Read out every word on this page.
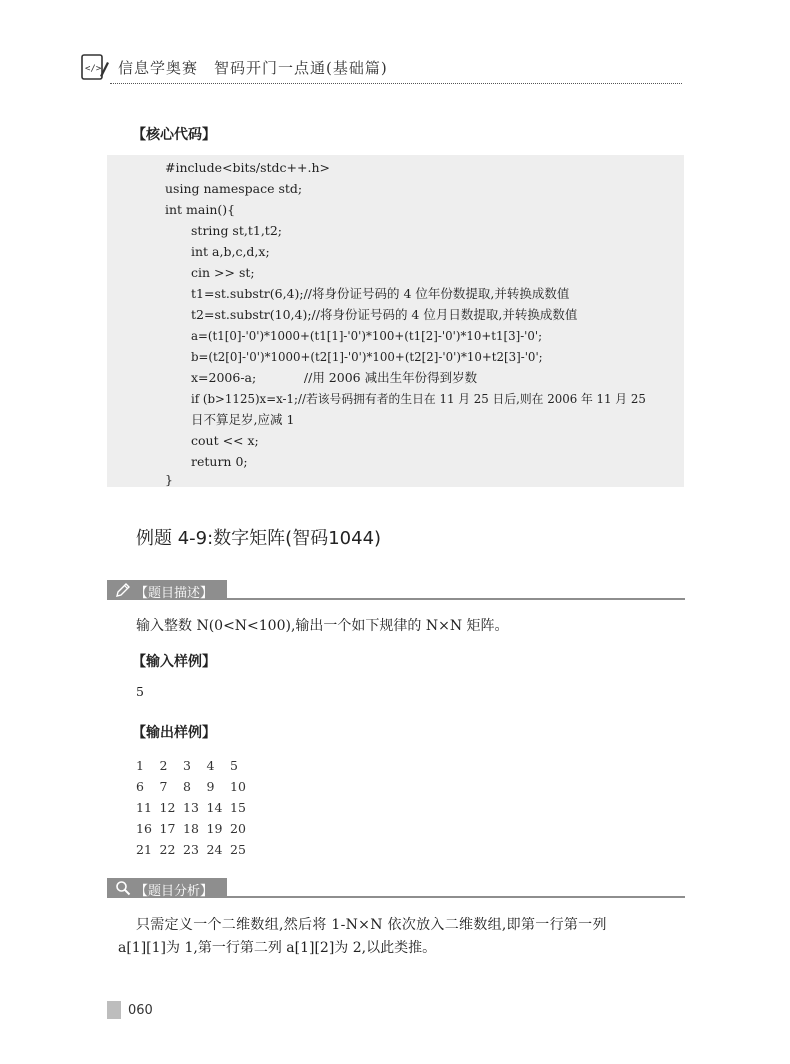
</> 信息学奥赛　智码开门一点通(基础篇)
【核心代码】
#include<bits/stdc++.h>
using namespace std;
int main(){
string st,t1,t2;
int a,b,c,d,x;
cin >> st;
t1=st.substr(6,4);//将身份证号码的 4 位年份数提取,并转换成数值
t2=st.substr(10,4);//将身份证号码的 4 位月日数提取,并转换成数值
a=(t1[0]-'0')*1000+(t1[1]-'0')*100+(t1[2]-'0')*10+t1[3]-'0';
b=(t2[0]-'0')*1000+(t2[1]-'0')*100+(t2[2]-'0')*10+t2[3]-'0';
x=2006-a;            //用 2006 减出生年份得到岁数
if (b>1125)x=x-1;//若该号码拥有者的生日在 11 月 25 日后,则在 2006 年 11 月 25
日不算足岁,应减 1
cout << x;
return 0;
}
例题 4-9:数字矩阵(智码1044)
【题目描述】
输入整数 N(0<N<100),输出一个如下规律的 N×N 矩阵。
【输入样例】
5
【输出样例】
1 2 3 4 5
6 7 8 9 10
11 12 13 14 15
16 17 18 19 20
21 22 23 24 25
【题目分析】
只需定义一个二维数组,然后将 1-N×N 依次放入二维数组,即第一行第一列
a[1][1]为 1,第一行第二列 a[1][2]为 2,以此类推。
060
